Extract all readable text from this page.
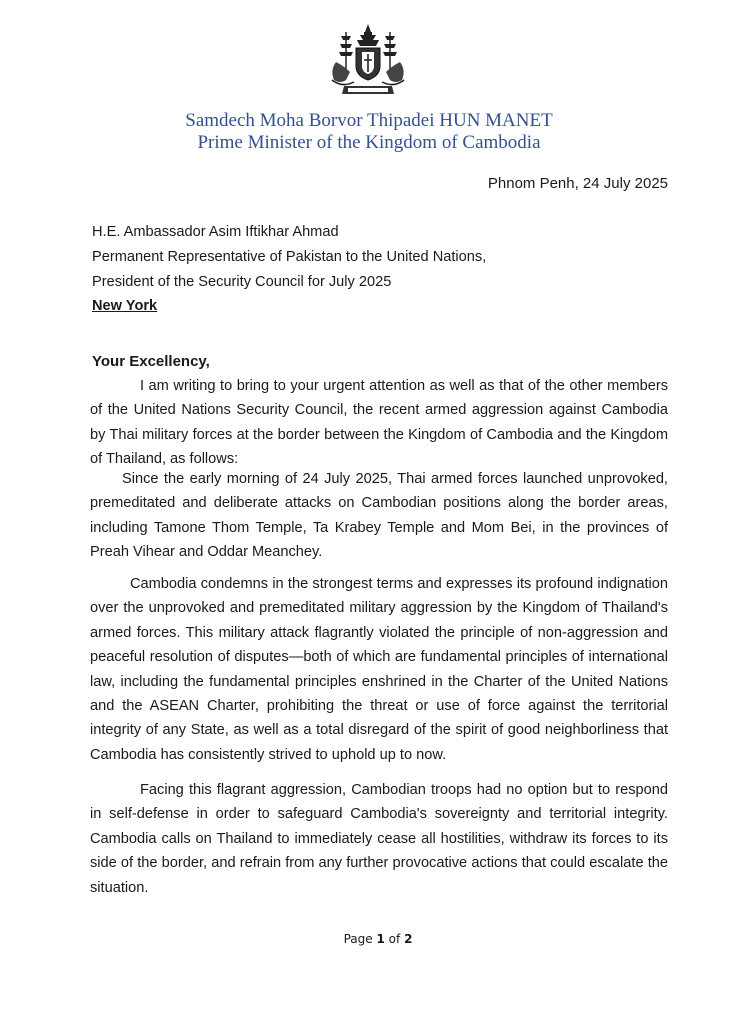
Samdech Moha Borvor Thipadei HUN MANET
Prime Minister of the Kingdom of Cambodia
Phnom Penh, 24 July 2025
H.E. Ambassador Asim Iftikhar Ahmad
Permanent Representative of Pakistan to the United Nations,
President of the Security Council for July 2025
New York
Your Excellency,
I am writing to bring to your urgent attention as well as that of the other members of the United Nations Security Council, the recent armed aggression against Cambodia by Thai military forces at the border between the Kingdom of Cambodia and the Kingdom of Thailand, as follows:
Since the early morning of 24 July 2025, Thai armed forces launched unprovoked, premeditated and deliberate attacks on Cambodian positions along the border areas, including Tamone Thom Temple, Ta Krabey Temple and Mom Bei, in the provinces of Preah Vihear and Oddar Meanchey.
Cambodia condemns in the strongest terms and expresses its profound indignation over the unprovoked and premeditated military aggression by the Kingdom of Thailand's armed forces. This military attack flagrantly violated the principle of non-aggression and peaceful resolution of disputes—both of which are fundamental principles of international law, including the fundamental principles enshrined in the Charter of the United Nations and the ASEAN Charter, prohibiting the threat or use of force against the territorial integrity of any State, as well as a total disregard of the spirit of good neighborliness that Cambodia has consistently strived to uphold up to now.
Facing this flagrant aggression, Cambodian troops had no option but to respond in self-defense in order to safeguard Cambodia's sovereignty and territorial integrity. Cambodia calls on Thailand to immediately cease all hostilities, withdraw its forces to its side of the border, and refrain from any further provocative actions that could escalate the situation.
Page 1 of 2
